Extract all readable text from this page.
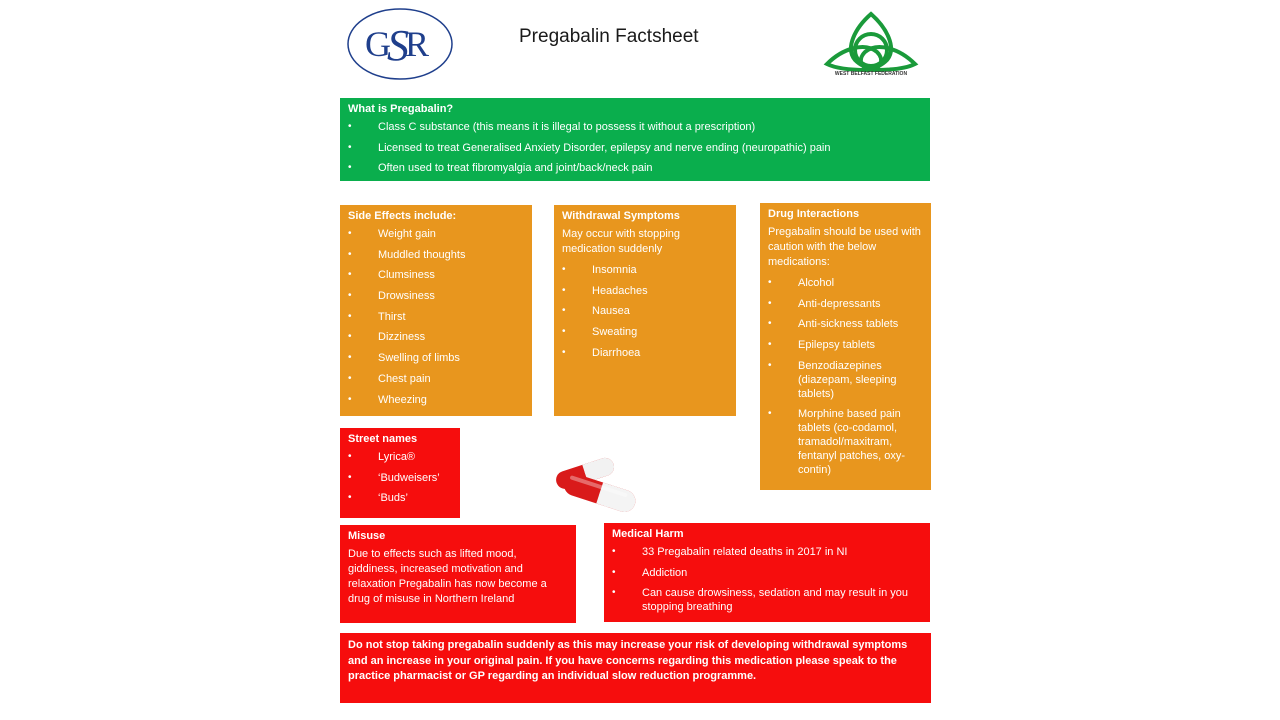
G
S
R	Pregabalin Factsheet
WEST BELFAST FEDERATION
What is Pregabalin?
• Class C substance (this means it is illegal to possess it without a prescription)
• Licensed to treat Generalised Anxiety Disorder, epilepsy and nerve ending (neuropathic) pain
• Often used to treat fibromyalgia and joint/back/neck pain
Side Effects include:
• Weight gain
• Muddled thoughts
• Clumsiness
• Drowsiness
• Thirst
• Dizziness
• Swelling of limbs
• Chest pain
• Wheezing
Withdrawal Symptoms

May occur with stopping medication suddenly

• Insomnia
• Headaches
• Nausea
• Sweating
• Diarrhoea
Drug Interactions

Pregabalin should be used with caution with the below medications:

• Alcohol
• Anti-depressants
• Anti-sickness tablets
• Epilepsy tablets
• Benzodiazepines (diazepam, sleeping tablets)
• Morphine based pain tablets (co-codamol, tramadol/maxitram, fentanyl patches, oxy-contin)
Street names
• Lyrica®
• ‘Budweisers’
• ‘Buds’
Misuse

Due to effects such as lifted mood, giddiness, increased motivation and relaxation Pregabalin has now become a drug of misuse in Northern Ireland

Medical Harm
• 33 Pregabalin related deaths in 2017 in NI
• Addiction
• Can cause drowsiness, sedation and may result in you stopping breathing
Do not stop taking pregabalin suddenly as this may increase your risk of developing withdrawal symptoms and an increase in your original pain. If you have concerns regarding this medication please speak to the practice pharmacist or GP regarding an individual slow reduction programme.
